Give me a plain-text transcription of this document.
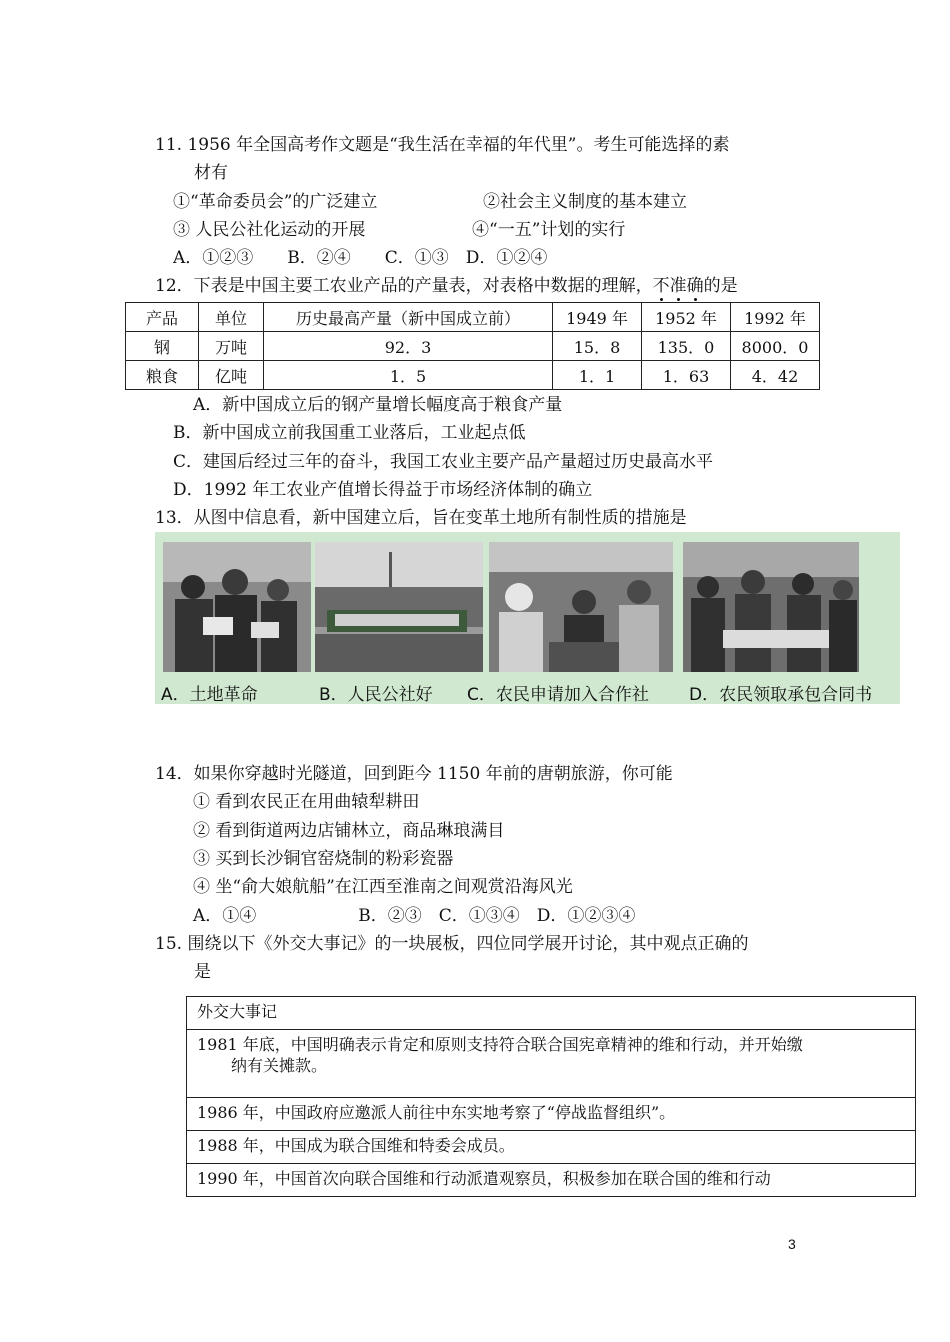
11. 1956 年全国高考作文题是“我生活在幸福的年代里”。考生可能选择的素
材有
①“革命委员会”的广泛建立	②社会主义制度的基本建立
③ 人民公社化运动的开展	④“一五”计划的实行
A．①②③　　B．②④　　C．①③　D．①②④
12．下表是中国主要工农业产品的产量表，对表格中数据的理解，不准确的是
产品	单位	历史最高产量（新中国成立前）	1949 年	1952 年	1992 年
钢	万吨	92．3	15．8	135．0	8000．0
粮食	亿吨	1．5	1．1	1．63	4．42
A．新中国成立后的钢产量增长幅度高于粮食产量
B．新中国成立前我国重工业落后，工业起点低
C．建国后经过三年的奋斗，我国工农业主要产品产量超过历史最高水平
D．1992 年工农业产值增长得益于市场经济体制的确立
13．从图中信息看，新中国建立后，旨在变革土地所有制性质的措施是
A．土地革命	B．人民公社好 C．农民申请加入合作社 D．农民领取承包合同书
14．如果你穿越时光隧道，回到距今 1150 年前的唐朝旅游，你可能
① 看到农民正在用曲辕犁耕田
② 看到街道两边店铺林立，商品琳琅满目
③ 买到长沙铜官窑烧制的粉彩瓷器
④ 坐“俞大娘航船”在江西至淮南之间观赏沿海风光
A．①④　　　　　　B．②③　C．①③④　D．①②③④
15. 围绕以下《外交大事记》的一块展板，四位同学展开讨论，其中观点正确的
是
外交大事记

1981 年底，中国明确表示肯定和原则支持符合联合国宪章精神的维和行动，并开始缴
纳有关摊款。

1986 年，中国政府应邀派人前往中东实地考察了“停战监督组织”。
1988 年，中国成为联合国维和特委会成员。
1990 年，中国首次向联合国维和行动派遣观察员，积极参加在联合国的维和行动
3
